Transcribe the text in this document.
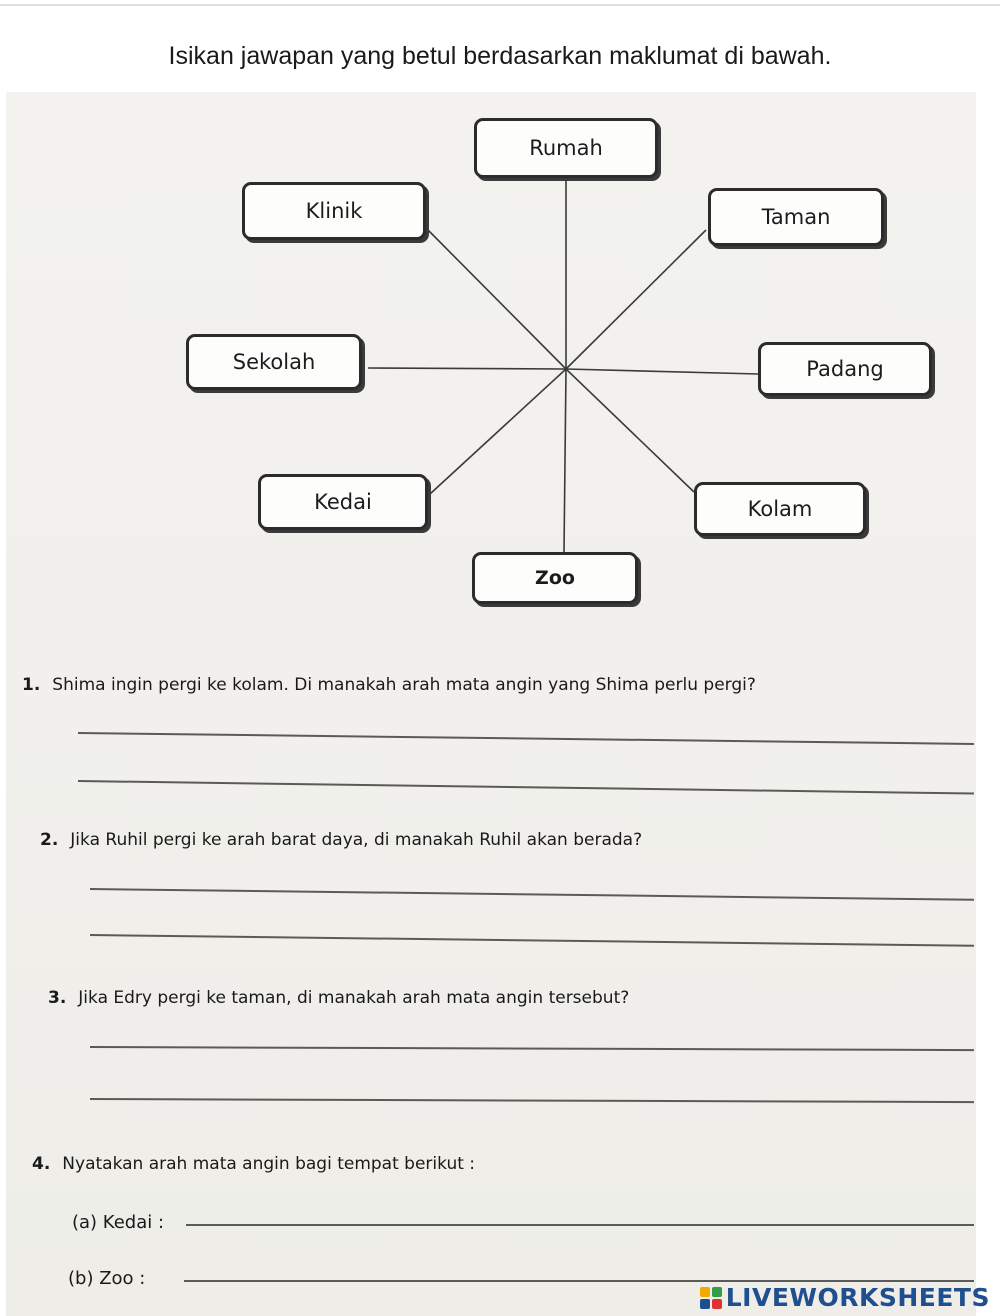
Isikan jawapan yang betul berdasarkan maklumat di bawah.
Rumah
Klinik	Taman
Sekolah	Padang
Kedai	Kolam
Zoo
1. Shima ingin pergi ke kolam. Di manakah arah mata angin yang Shima perlu pergi?
2. Jika Ruhil pergi ke arah barat daya, di manakah Ruhil akan berada?
3. Jika Edry pergi ke taman, di manakah arah mata angin tersebut?
4. Nyatakan arah mata angin bagi tempat berikut :
(a) Kedai :
(b) Zoo :
LIVEWORKSHEETS
